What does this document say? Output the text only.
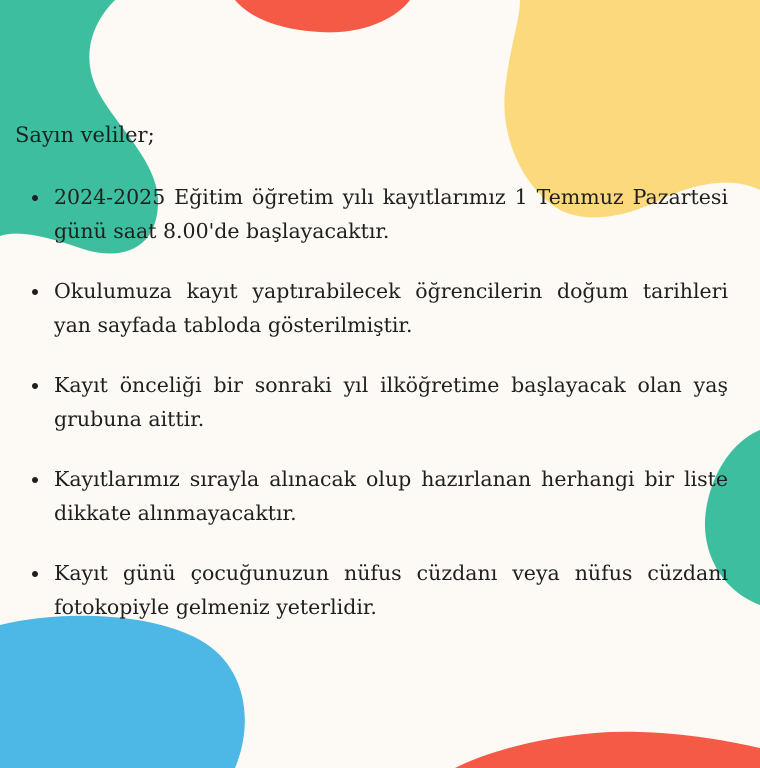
Sayın veliler;

2024-2025 Eğitim öğretim yılı kayıtlarımız 1 Temmuz Pazartesi günü saat 8.00'de başlayacaktır.
Okulumuza kayıt yaptırabilecek öğrencilerin doğum tarihleri yan sayfada tabloda gösterilmiştir.
Kayıt önceliği bir sonraki yıl ilköğretime başlayacak olan yaş grubuna aittir.
Kayıtlarımız sırayla alınacak olup hazırlanan herhangi bir liste dikkate alınmayacaktır.
Kayıt günü çocuğunuzun nüfus cüzdanı veya nüfus cüzdanı fotokopiyle gelmeniz yeterlidir.
